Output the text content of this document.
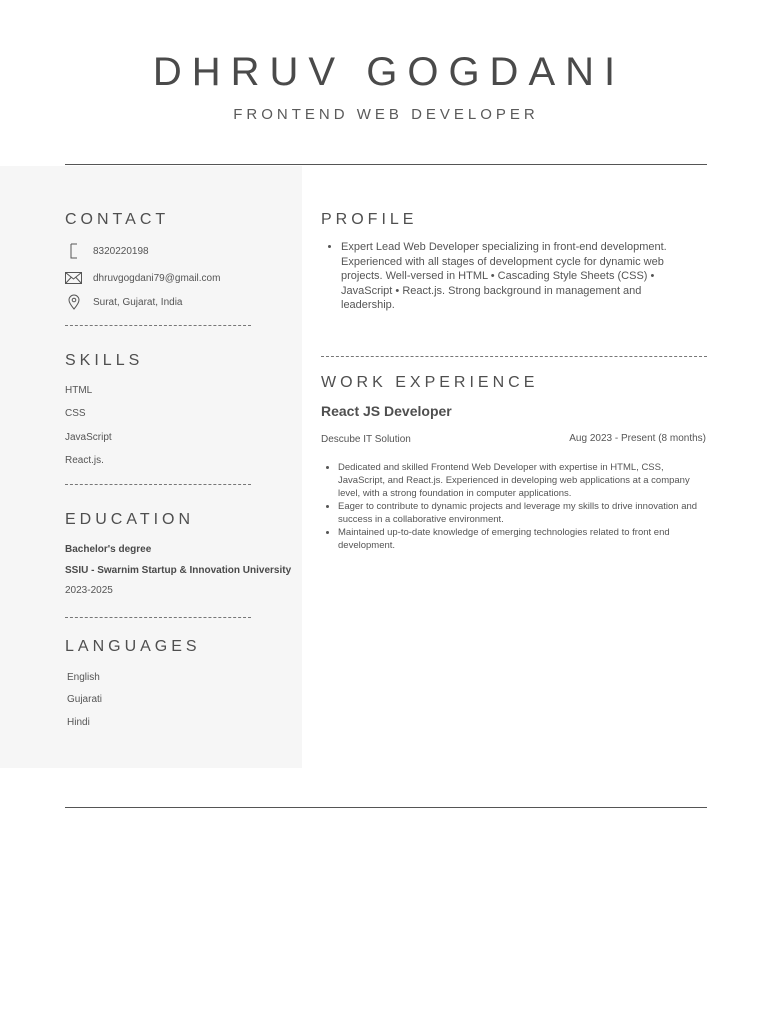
DHRUV GOGDANI
FRONTEND WEB DEVELOPER
CONTACT
8320220198
dhruvgogdani79@gmail.com
Surat, Gujarat, India
SKILLS
HTML
CSS
JavaScript
React.js.
EDUCATION
Bachelor's degree
SSIU - Swarnim Startup & Innovation University
2023-2025
LANGUAGES
English
Gujarati
Hindi
PROFILE
• Expert Lead Web Developer specializing in front-end development. Experienced with all stages of development cycle for dynamic web projects. Well-versed in HTML • Cascading Style Sheets (CSS) • JavaScript • React.js. Strong background in management and leadership.
WORK EXPERIENCE
React JS Developer
Descube IT Solution	Aug 2023 - Present (8 months)
• Dedicated and skilled Frontend Web Developer with expertise in HTML, CSS, JavaScript, and React.js. Experienced in developing web applications at a company level, with a strong foundation in computer applications.
• Eager to contribute to dynamic projects and leverage my skills to drive innovation and success in a collaborative environment.
• Maintained up-to-date knowledge of emerging technologies related to front end development.
